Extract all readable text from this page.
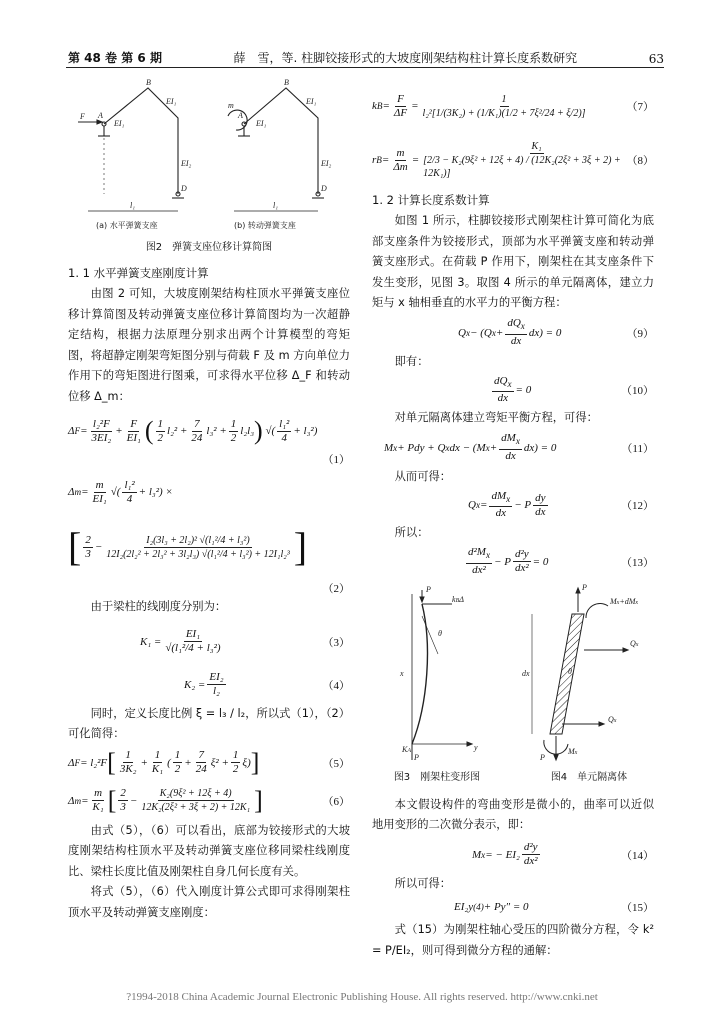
第 48 卷 第 6 期	薛　雪，等. 柱脚铰接形式的大坡度刚架结构柱计算长度系数研究	63
F A
EI₁
B
EI₁
EI₂
D
l₁
m
A
EI₁
B
EI₁
EI₂
D
l₁
(a) 水平弹簧支座	(b) 转动弹簧支座
图2　弹簧支座位移计算简图

1. 1 水平弹簧支座刚度计算

由图 2 可知，大坡度刚架结构柱顶水平弹簧支座位移计算简图及转动弹簧支座位移计算简图均为一次超静定结构，根据力法原理分别求出两个计算模型的弯矩图，将超静定刚架弯矩图分别与荷载 F 及 m 方向单位力作用下的弯矩图进行图乘，可求得水平位移 Δ_F 和转动位移 Δ_m：

Δ $F = \frac{\text{l₂²F}}{\text{3EI₂}} + \frac{F}{\text{EI₁}}$ ( $\frac{1}{2} l_2^2 + \frac{7}{24} l_3^2 + \frac{1}{2} l_2l_3$ ) √( $\frac{\text{l₁²}}{4} + l_3^2$)
（1）
Δ $m = \frac{m}{\text{EI₁}}$ √( $\frac{\text{l₁²}}{4} + l_3^2$) ×
[ $\frac{2}{3} - \frac{\text{I₂(3l₃ + 2l₂)² √(l₁²/4 + l₃²)}}{\text{12I₂(2l₂² + 2l₃² + 3l₂l₃) √(l₁²/4 + l₃²) + 12I₁l₂³}}$ ]
（2）

由于梁柱的线刚度分别为：

$K_1 = \frac{\text{EI₁}}{\text{√(l₁²/4 + l₃²)}}$	（3）
$K_2 = \frac{\text{EI₂}}{\text{l₂}}$	（4）

同时，定义长度比例 ξ = l₃ / l₂，所以式（1），（2）可化简得：

Δ F = l₂²F [ $\frac{1}{\text{3K₂}} + \frac{1}{\text{K₁}}$ ( $\frac{1}{2} + \frac{7}{24} \xi^2 + \frac{1}{2} \xi$) ]	（5）
Δ $m = \frac{m}{\text{K₁}}$ [ $\frac{2}{3} - \frac{\text{K₂(9ξ² + 12ξ + 4)}}{\text{12K₂(2ξ² + 3ξ + 2) + 12K₁}}$ ]	（6）

由式（5），（6）可以看出，底部为铰接形式的大坡度刚架结构柱顶水平及转动弹簧支座位移同梁柱线刚度比、梁柱长度比值及刚架柱自身几何长度有关。

将式（5），（6）代入刚度计算公式即可求得刚架柱顶水平及转动弹簧支座刚度：

k $B = \frac{F}{\Delta F} = \frac{1}{\text{l₂²[1/(3K₂) + (1/K₁)(1/2 + 7ξ²/24 + ξ/2)]}}$	（7）
r $B = \frac{m}{\Delta m} = \frac{\text{K₁}}{\text{[2/3 − K₂(9ξ² + 12ξ + 4) / (12K₂(2ξ² + 3ξ + 2) + 12K₁)]}}$
（8）

1. 2 计算长度系数计算

如图 1 所示，柱脚铰接形式刚架柱计算可简化为底部支座条件为铰接形式，顶部为水平弹簧支座和转动弹簧支座形式。在荷载 P 作用下，刚架柱在其支座条件下发生变形，见图 3。取图 4 所示的单元隔离体，建立力矩与 x 轴相垂直的水平力的平衡方程：

Q x − (Q $x + \frac{dQ_x}{dx} dx) = 0$	（9）

即有：

$\frac{dQ_x}{dx} = 0$	（10）

对单元隔离体建立弯矩平衡方程，可得：

M x + Pdy + Q x dx − (M $x + \frac{dM_x}{dx} dx) = 0$	（11）

从而可得：

Q $x = \frac{dM_x}{dx} - P \frac{dy}{dx}$	（12）

所以：

$\frac{d^2M_x}{\text{dx²}} - P \frac{\text{d²y}}{\text{dx²}} = 0$	（13）
P
kBΔ
θ
x
y
KA
P
P
Mx+dMx
Qx
Qx
θ
dx
P
Mx
图3　刚架柱变形图	图4　单元隔离体

本文假设构件的弯曲变形是微小的，曲率可以近似地用变形的二次微分表示，即：

M x = − $EI_2 \frac{\text{d²y}}{\text{dx²}}$	（14）

所以可得：

EI₂y (4) + Py″ = 0	（15）

式（15）为刚架柱轴心受压的四阶微分方程，令 k² = P/EI₂，则可得到微分方程的通解：

?1994-2018 China Academic Journal Electronic Publishing House. All rights reserved. http://www.cnki.net
